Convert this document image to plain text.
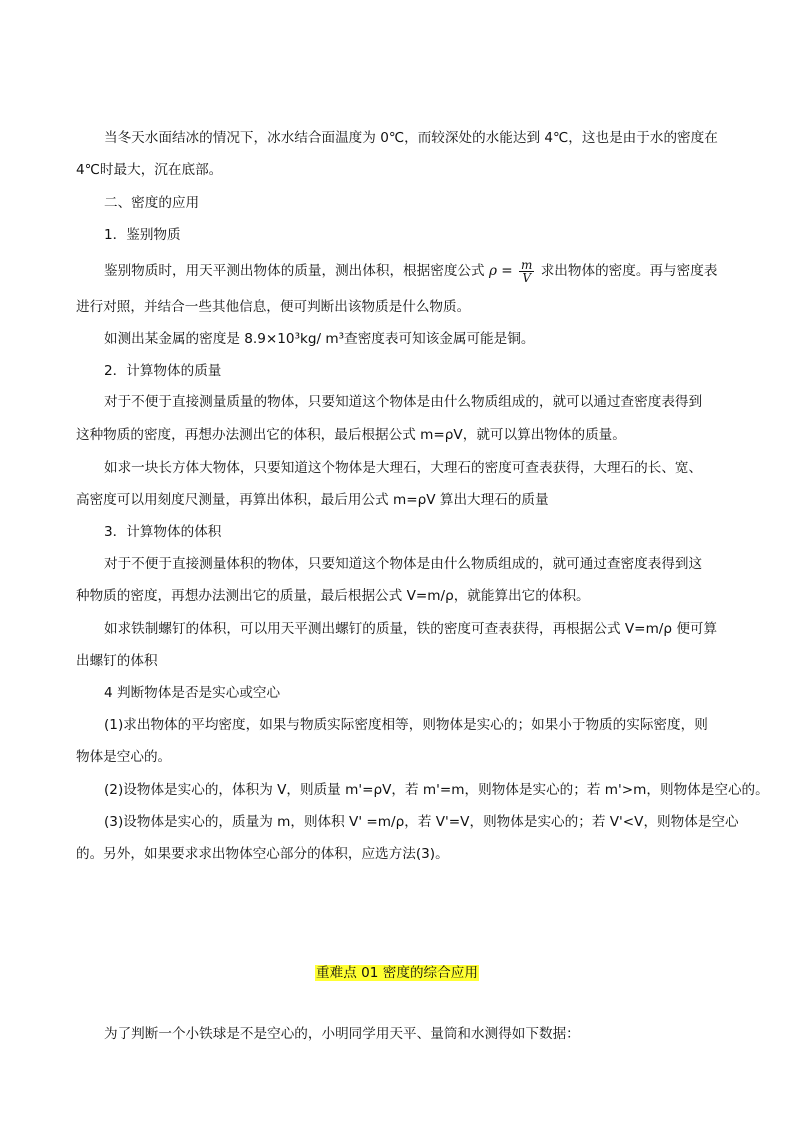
当冬天水面结冰的情况下，冰水结合面温度为 0℃，而较深处的水能达到 4℃，这也是由于水的密度在
4℃时最大，沉在底部。
二、密度的应用
1．鉴别物质
鉴别物质时，用天平测出物体的质量，测出体积，根据密度公式 $\rho = \frac{m}{V}$ 求出物体的密度。再与密度表
进行对照，并结合一些其他信息，便可判断出该物质是什么物质。
如测出某金属的密度是 8.9×10³kg/ m³查密度表可知该金属可能是铜。
2．计算物体的质量
对于不便于直接测量质量的物体，只要知道这个物体是由什么物质组成的，就可以通过查密度表得到
这种物质的密度，再想办法测出它的体积，最后根据公式 m=ρV，就可以算出物体的质量。
如求一块长方体大物体，只要知道这个物体是大理石，大理石的密度可查表获得，大理石的长、宽、
高密度可以用刻度尺测量，再算出体积，最后用公式 m=ρV 算出大理石的质量
3．计算物体的体积
对于不便于直接测量体积的物体，只要知道这个物体是由什么物质组成的，就可通过查密度表得到这
种物质的密度，再想办法测出它的质量，最后根据公式 V=m/ρ，就能算出它的体积。
如求铁制螺钉的体积，可以用天平测出螺钉的质量，铁的密度可查表获得，再根据公式 V=m/ρ 便可算
出螺钉的体积
4 判断物体是否是实心或空心
(1)求出物体的平均密度，如果与物质实际密度相等，则物体是实心的；如果小于物质的实际密度，则
物体是空心的。
(2)设物体是实心的，体积为 V，则质量 m'=ρV，若 m'=m，则物体是实心的；若 m'>m，则物体是空心的。
(3)设物体是实心的，质量为 m，则体积 V' =m/ρ，若 V'=V，则物体是实心的；若 V'<V，则物体是空心
的。另外，如果要求求出物体空心部分的体积，应选方法(3)。
重难点 01 密度的综合应用
为了判断一个小铁球是不是空心的，小明同学用天平、量筒和水测得如下数据：
